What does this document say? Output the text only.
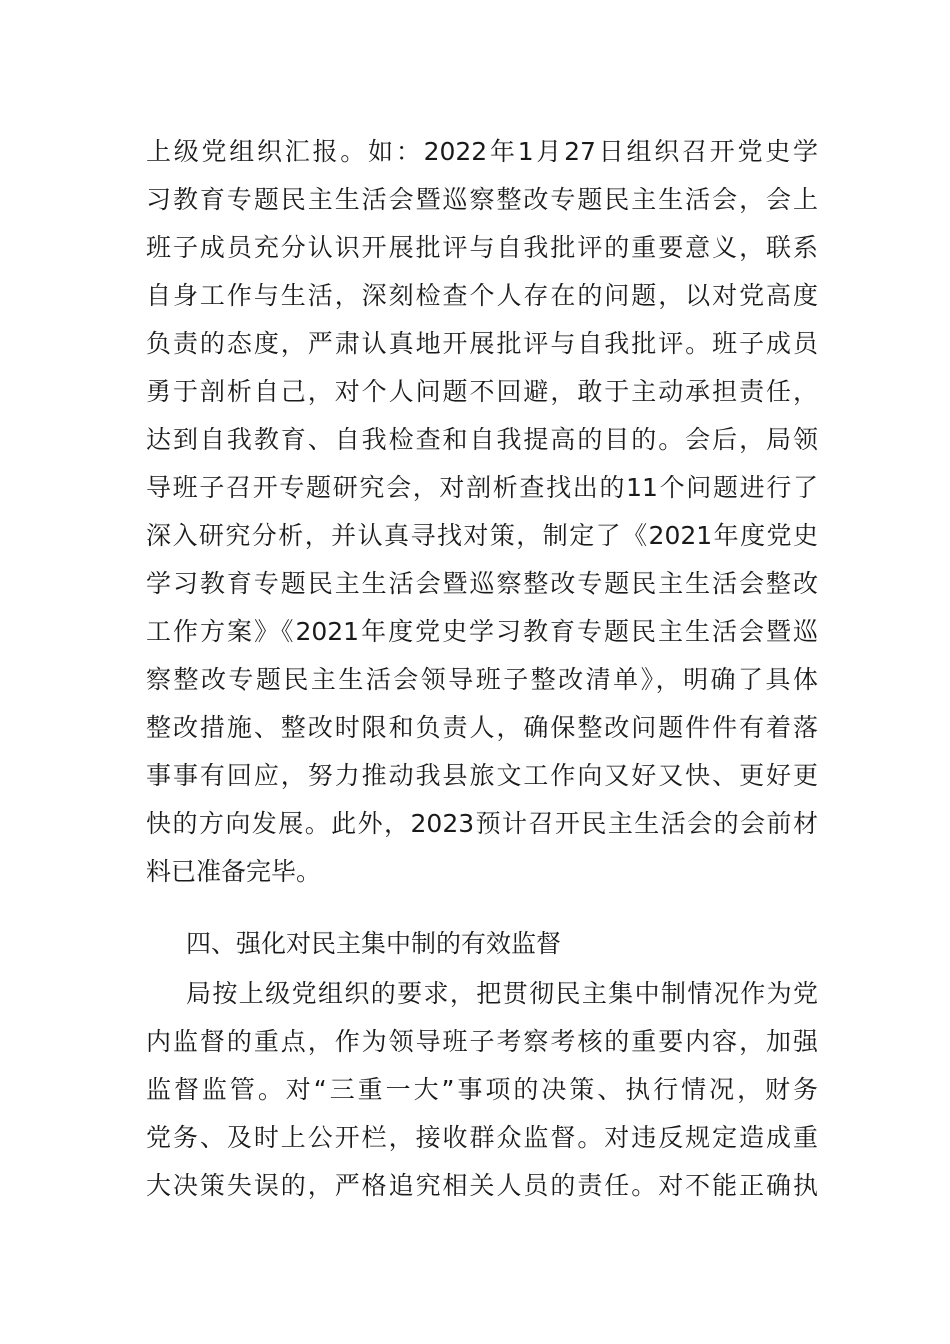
上级党组织汇报。如：2022年1月27日组织召开党史学
习教育专题民主生活会暨巡察整改专题民主生活会，会上
班子成员充分认识开展批评与自我批评的重要意义，联系
自身工作与生活，深刻检查个人存在的问题，以对党高度
负责的态度，严肃认真地开展批评与自我批评。班子成员
勇于剖析自己，对个人问题不回避，敢于主动承担责任，
达到自我教育、自我检查和自我提高的目的。会后，局领
导班子召开专题研究会，对剖析查找出的11个问题进行了
深入研究分析，并认真寻找对策，制定了《2021年度党史
学习教育专题民主生活会暨巡察整改专题民主生活会整改
工作方案》《2021年度党史学习教育专题民主生活会暨巡
察整改专题民主生活会领导班子整改清单》，明确了具体
整改措施、整改时限和负责人，确保整改问题件件有着落
事事有回应，努力推动我县旅文工作向又好又快、更好更
快的方向发展。此外，2023预计召开民主生活会的会前材
料已准备完毕。
四、强化对民主集中制的有效监督
局按上级党组织的要求，把贯彻民主集中制情况作为党
内监督的重点，作为领导班子考察考核的重要内容，加强
监督监管。对“三重一大”事项的决策、执行情况，财务
党务、及时上公开栏，接收群众监督。对违反规定造成重
大决策失误的，严格追究相关人员的责任。对不能正确执
